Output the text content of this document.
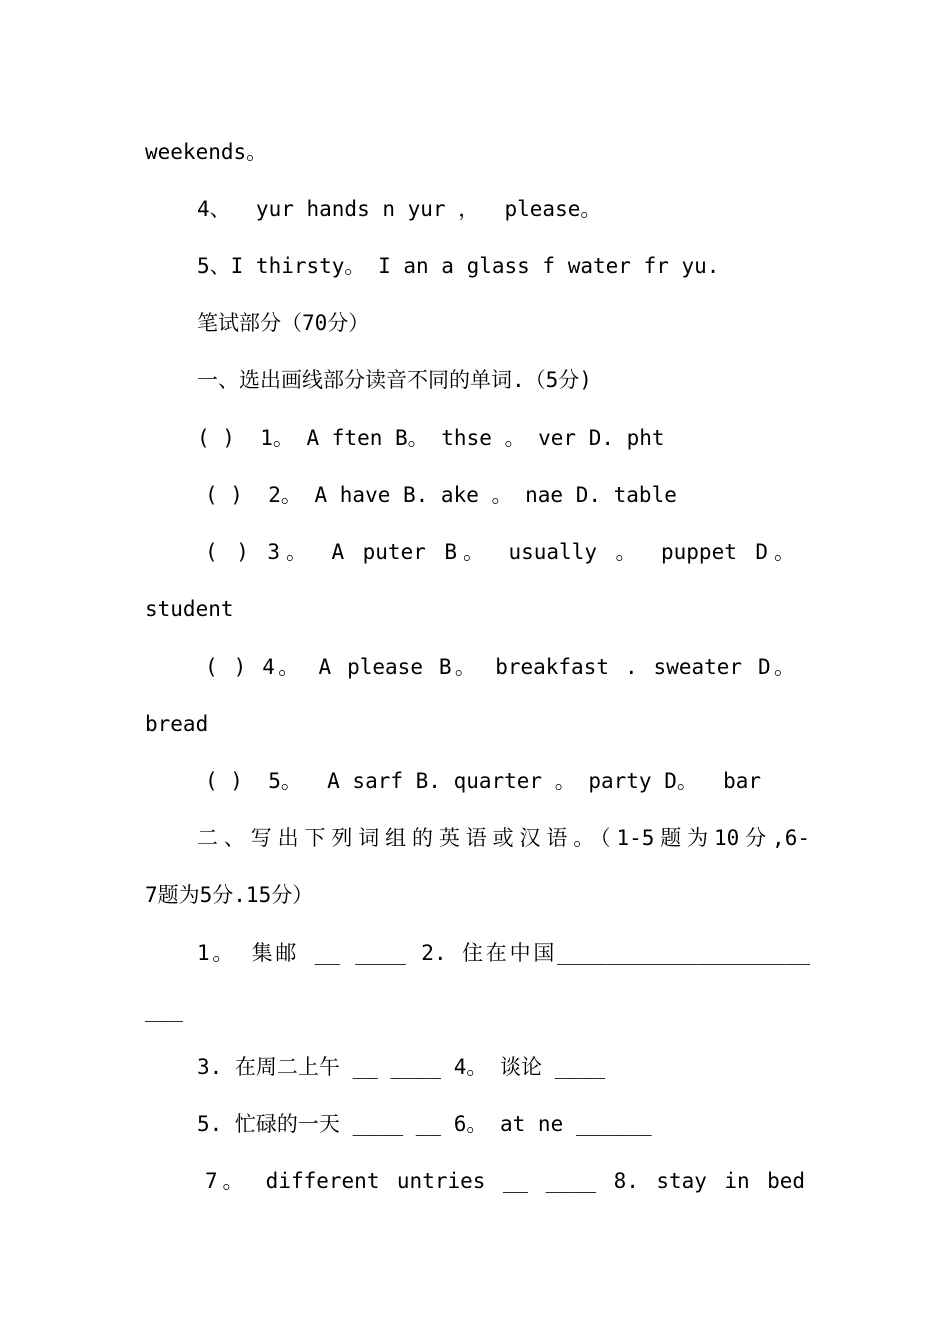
weekends。
4、  yur hands n yur ，  please。
5、I thirsty。 I an a glass f water fr yu.
笔试部分（70分）
一、选出画线部分读音不同的单词.（5分)
( )  1。 A ften B。 thse 。 ver D. pht
( )  2。 A have B. ake 。 nae D. table
( ) 3。 A puter B。 usually 。 puppet D。
student
( ) 4。 A please B。 breakfast . sweater D。
bread
( )  5。  A sarf B. quarter 。 party D。  bar
二、写出下列词组的英语或汉语。（1-5题为10分,6-
7题为5分.15分）
1。 集邮 __ ____ 2. 住在中国____________________
___
3. 在周二上午 __ ____ 4。 谈论 ____
5. 忙碌的一天 ____ __ 6。 at ne ______
7。 different untries __ ____ 8. stay in bed
